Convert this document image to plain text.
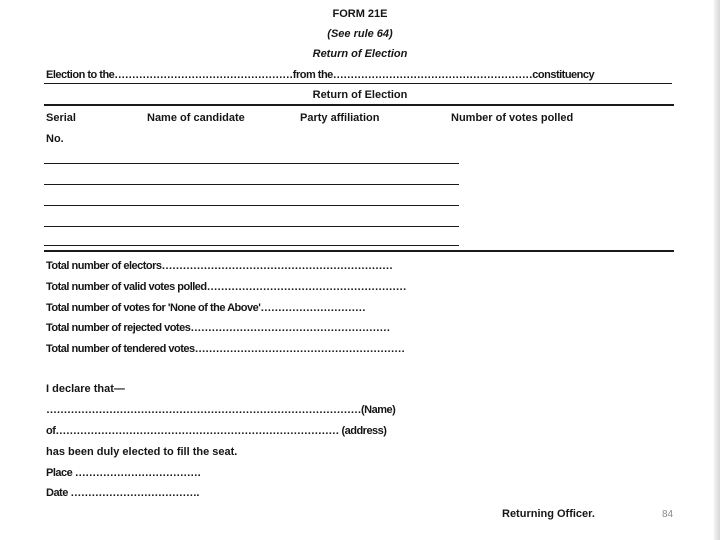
FORM 21E
(See rule 64)
Return of Election
Election to the……………………………………………from the…………………………………………………constituency
Return of Election
Serial	Name of candidate	Party affiliation	Number of votes polled
No.
Total number of electors…………………………………………………………
Total number of valid votes polled…………………………………………………
Total number of votes for 'None of the Above'…………………………
Total number of rejected votes…………………………………………………
Total number of tendered votes……………………………………………………
I declare that—
………………………………………………………………………………(Name)
of……………………………………………………………………… (address)
has been duly elected to fill the seat.
Place ………………………………
Date ……………………………….
Returning Officer.	84
